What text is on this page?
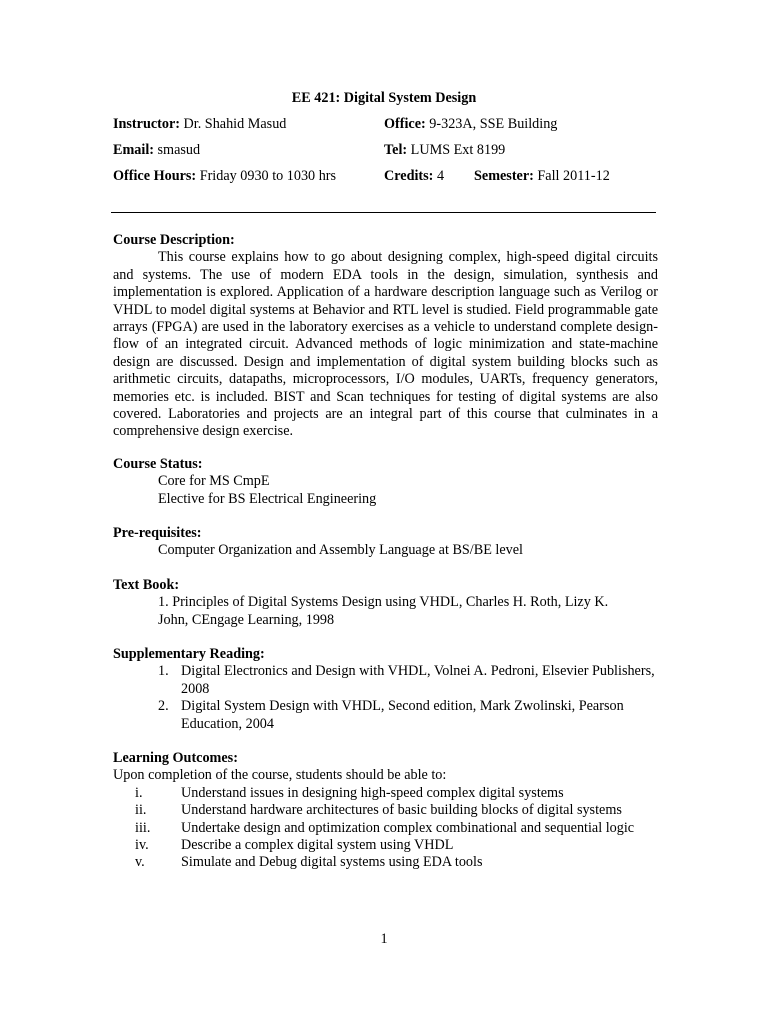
EE 421: Digital System Design
Instructor: Dr. Shahid Masud	Office: 9-323A, SSE Building
Email: smasud	Tel: LUMS Ext 8199
Office Hours: Friday 0930 to 1030 hrs	Credits: 4 Semester: Fall 2011-12
Course Description:
This course explains how to go about designing complex, high-speed digital circuits and systems. The use of modern EDA tools in the design, simulation, synthesis and implementation is explored. Application of a hardware description language such as Verilog or VHDL to model digital systems at Behavior and RTL level is studied. Field programmable gate arrays (FPGA) are used in the laboratory exercises as a vehicle to understand complete design-flow of an integrated circuit. Advanced methods of logic minimization and state-machine design are discussed. Design and implementation of digital system building blocks such as arithmetic circuits, datapaths, microprocessors, I/O modules, UARTs, frequency generators, memories etc. is included. BIST and Scan techniques for testing of digital systems are also covered. Laboratories and projects are an integral part of this course that culminates in a comprehensive design exercise.
Course Status:
Core for MS CmpE
Elective for BS Electrical Engineering
Pre-requisites:
Computer Organization and Assembly Language at BS/BE level
Text Book:
1. Principles of Digital Systems Design using VHDL, Charles H. Roth, Lizy K.
John, CEngage Learning, 1998
Supplementary Reading:
1. Digital Electronics and Design with VHDL, Volnei A. Pedroni, Elsevier Publishers, 2008
2. Digital System Design with VHDL, Second edition, Mark Zwolinski, Pearson Education, 2004
Learning Outcomes:
Upon completion of the course, students should be able to:
i.	Understand issues in designing high-speed complex digital systems
ii. Understand hardware architectures of basic building blocks of digital systems
iii. Undertake design and optimization complex combinational and sequential logic
iv. Describe a complex digital system using VHDL
v.	Simulate and Debug digital systems using EDA tools
1
